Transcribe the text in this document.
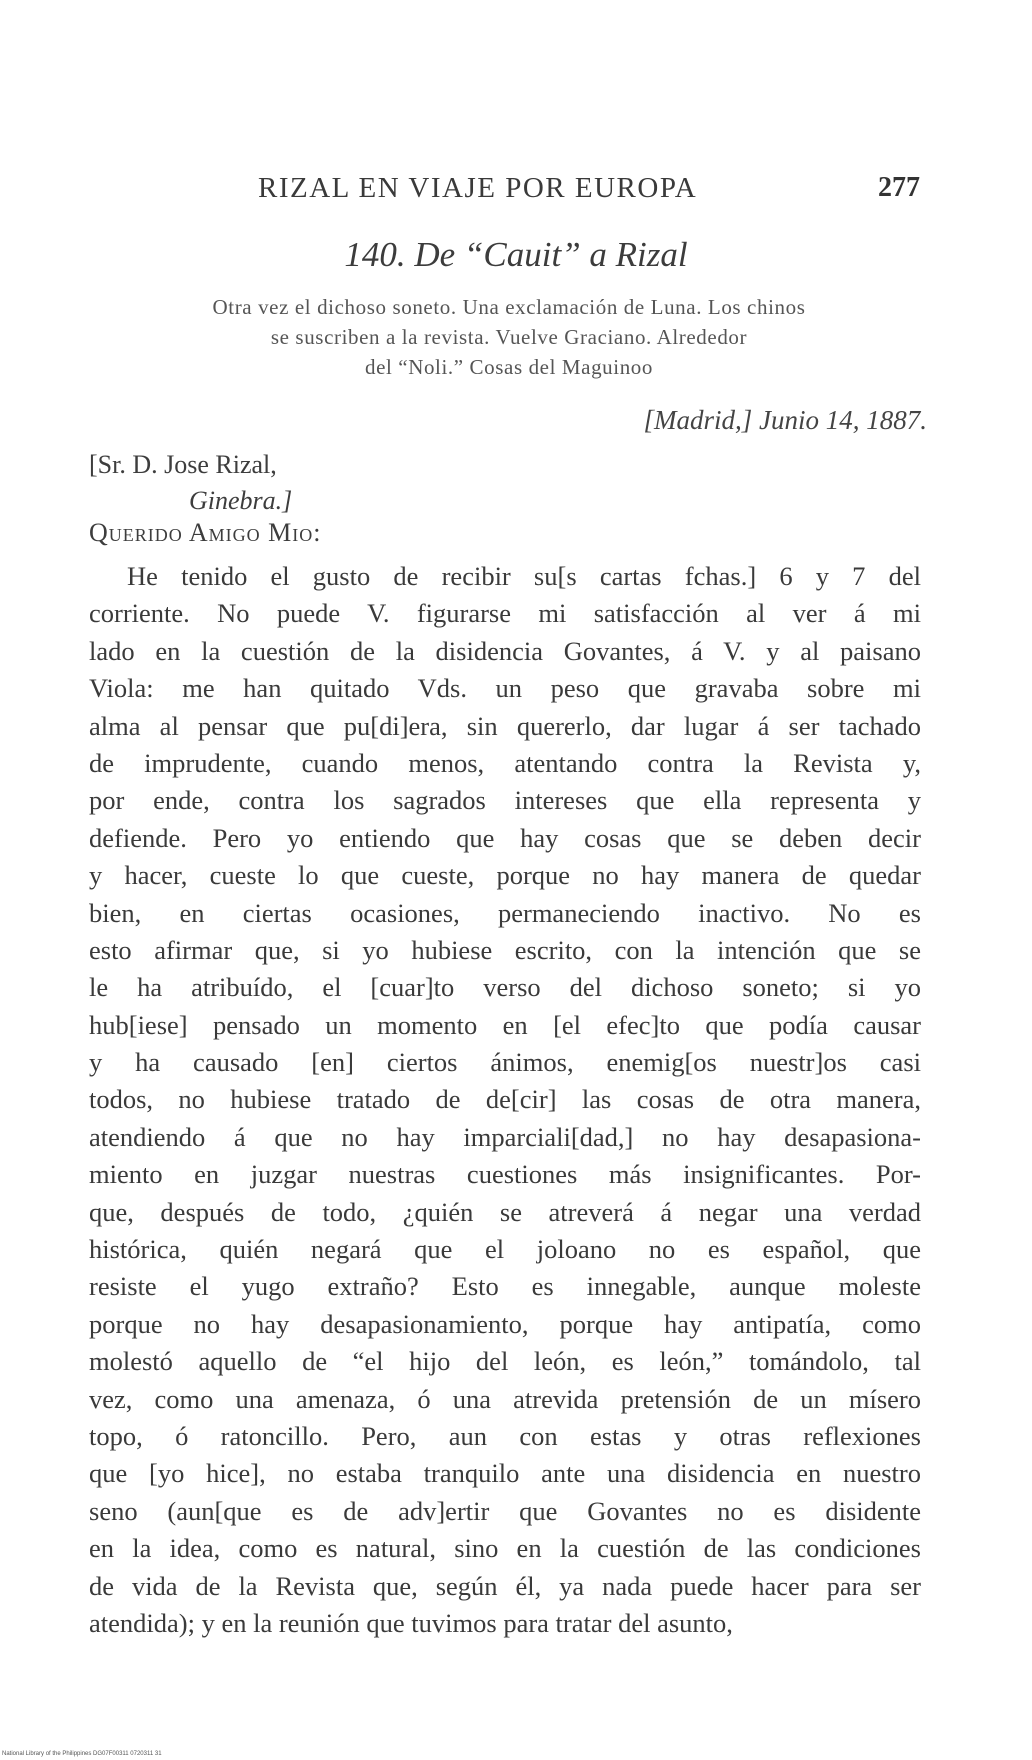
RIZAL EN VIAJE POR EUROPA	277
140. De “Cauit” a Rizal
Otra vez el dichoso soneto. Una exclamación de Luna. Los chinos
se suscriben a la revista. Vuelve Graciano. Alrededor
del “Noli.” Cosas del Maguinoo
[Madrid,] Junio 14, 1887.
[Sr. D. Jose Rizal,
Ginebra.]
Querido Amigo Mio:
He tenido el gusto de recibir su[s cartas fchas.] 6 y 7 del
corriente. No puede V. figurarse mi satisfacción al ver á mi
lado en la cuestión de la disidencia Govantes, á V. y al paisano
Viola: me han quitado Vds. un peso que gravaba sobre mi
alma al pensar que pu[di]era, sin quererlo, dar lugar á ser tachado
de imprudente, cuando menos, atentando contra la Revista y,
por ende, contra los sagrados intereses que ella representa y
defiende. Pero yo entiendo que hay cosas que se deben decir
y hacer, cueste lo que cueste, porque no hay manera de quedar
bien, en ciertas ocasiones, permaneciendo inactivo. No es
esto afirmar que, si yo hubiese escrito, con la intención que se
le ha atribuído, el [cuar]to verso del dichoso soneto; si yo
hub[iese] pensado un momento en [el efec]to que podía causar
y ha causado [en] ciertos ánimos, enemig[os nuestr]os casi
todos, no hubiese tratado de de[cir] las cosas de otra manera,
atendiendo á que no hay imparciali[dad,] no hay desapasiona-
miento en juzgar nuestras cuestiones más insignificantes. Por-
que, después de todo, ¿quién se atreverá á negar una verdad
histórica, quién negará que el joloano no es español, que
resiste el yugo extraño? Esto es innegable, aunque moleste
porque no hay desapasionamiento, porque hay antipatía, como
molestó aquello de “el hijo del león, es león,” tomándolo, tal
vez, como una amenaza, ó una atrevida pretensión de un mísero
topo, ó ratoncillo. Pero, aun con estas y otras reflexiones
que [yo hice], no estaba tranquilo ante una disidencia en nuestro
seno (aun[que es de adv]ertir que Govantes no es disidente
en la idea, como es natural, sino en la cuestión de las condiciones
de vida de la Revista que, según él, ya nada puede hacer para ser
atendida); y en la reunión que tuvimos para tratar del asunto,
National Library of the Philippines DG07F00311 0720311 31
